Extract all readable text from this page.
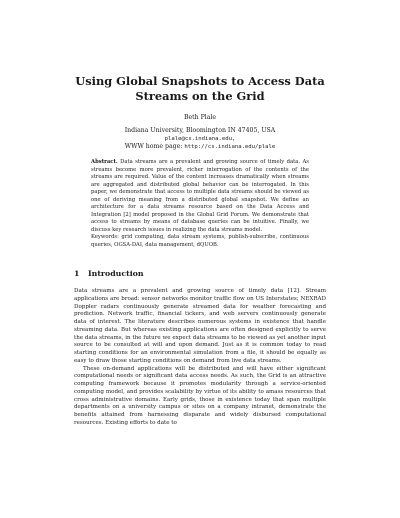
Using Global Snapshots to Access Data Streams on the Grid
Beth Plale
Indiana University, Bloomington IN 47405, USA
plale@cs.indiana.edu,
WWW home page: http://cs.indiana.edu/plale

Abstract. Data streams are a prevalent and growing source of timely data. As streams become more prevalent, richer interrogation of the contents of the streams are required. Value of the content increases dramatically when streams are aggregated and distributed global behavior can be interrogated. In this paper, we demonstrate that access to multiple data streams should be viewed as one of deriving meaning from a distributed global snapshot. We define an architecture for a data streams resource based on the Data Access and Integration [2] model proposed in the Global Grid Forum. We demonstrate that access to streams by means of database queries can be intuitive. Finally, we discuss key research issues in realizing the data streams model.

Keywords: grid computing, data stream systems, publish-subscribe, continuous queries, OGSA-DAI, data management, dQUOB.

1 Introduction

Data streams are a prevalent and growing source of timely data [12]. Stream applications are broad: sensor networks monitor traffic flow on US Interstates; NEXRAD Doppler radars continuously generate streamed data for weather forecasting and prediction. Network traffic, financial tickers, and web servers continuously generate data of interest. The literature describes numerous systems in existence that handle streaming data. But whereas existing applications are often designed explicitly to serve the data streams, in the future we expect data streams to be viewed as yet another input source to be consulted at will and upon demand. Just as it is common today to read starting conditions for an environmental simulation from a file, it should be equally as easy to draw those starting conditions on demand from live data streams.

These on-demand applications will be distributed and will have either significant computational needs or significant data access needs. As such, the Grid is an attractive computing framework because it promotes modularity through a service-oriented computing model, and provides scalability by virtue of its ability to amass resources that cross administrative domains. Early grids, those in existence today that span multiple departments on a university campus or sites on a company intranet, demonstrate the benefits attained from harnessing disparate and widely disbursed computational resources. Existing efforts to date to
